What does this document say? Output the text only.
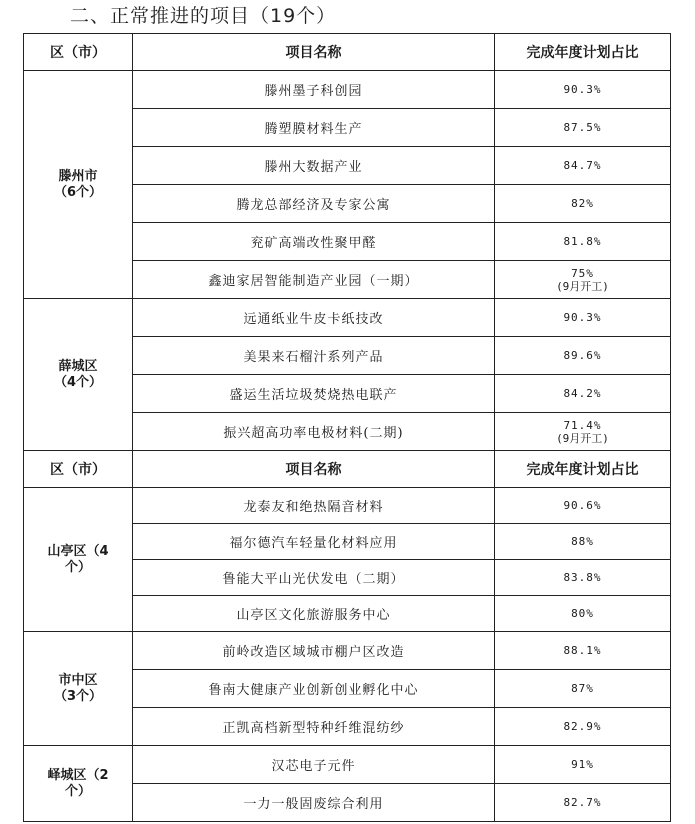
二、正常推进的项目（19个）
区（市）	项目名称	完成年度计划占比
滕州市
（6个）	滕州墨子科创园	90.3%
	腾塑膜材料生产	87.5%
	滕州大数据产业	84.7%
	腾龙总部经济及专家公寓	82%
	兖矿高端改性聚甲醛	81.8%
	鑫迪家居智能制造产业园（一期）	75%
(9月开工)

薛城区
（4个）	远通纸业牛皮卡纸技改	90.3%
	美果来石榴汁系列产品	89.6%
	盛运生活垃圾焚烧热电联产	84.2%
	振兴超高功率电极材料(二期)	71.4%
(9月开工)

区（市）	项目名称	完成年度计划占比
山亭区（4
个）	龙泰友和绝热隔音材料	90.6%
	福尔德汽车轻量化材料应用	88%
	鲁能大平山光伏发电（二期）	83.8%
	山亭区文化旅游服务中心	80%
市中区
（3个）	前岭改造区域城市棚户区改造	88.1%
	鲁南大健康产业创新创业孵化中心	87%
	正凯高档新型特种纤维混纺纱	82.9%
峄城区（2
个）	汉芯电子元件	91%
	一力一般固废综合利用	82.7%
